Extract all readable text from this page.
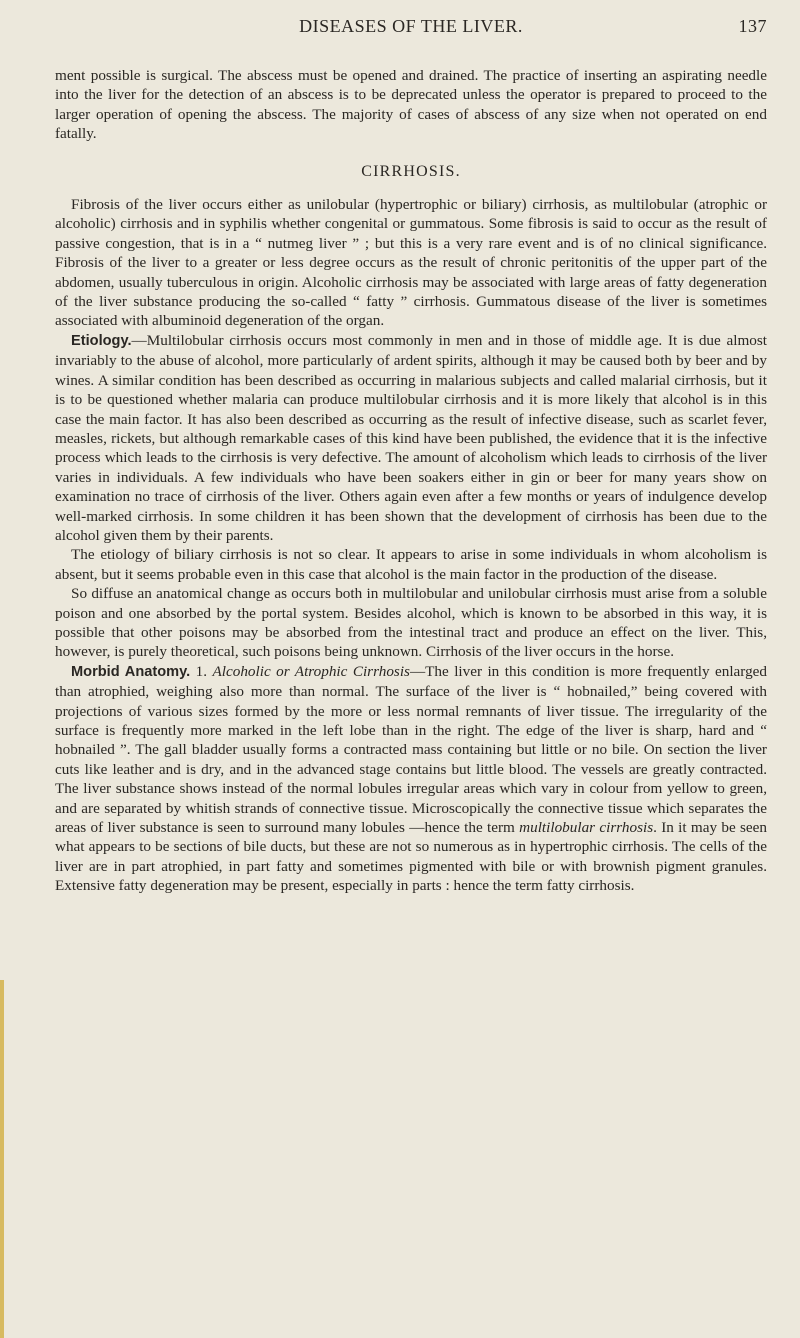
DISEASES OF THE LIVER.	137

ment possible is surgical. The abscess must be opened and drained. The practice of inserting an aspirating needle into the liver for the detection of an abscess is to be deprecated unless the operator is prepared to proceed to the larger operation of opening the abscess. The majority of cases of abscess of any size when not operated on end fatally.

CIRRHOSIS.

Fibrosis of the liver occurs either as unilobular (hypertrophic or biliary) cirrhosis, as multilobular (atrophic or alcoholic) cirrhosis and in syphilis whether congenital or gummatous. Some fibrosis is said to occur as the result of passive congestion, that is in a “ nutmeg liver ” ; but this is a very rare event and is of no clinical significance. Fibrosis of the liver to a greater or less degree occurs as the result of chronic peritonitis of the upper part of the abdomen, usually tuberculous in origin. Alcoholic cirrhosis may be associated with large areas of fatty degeneration of the liver substance producing the so-called “ fatty ” cirrhosis. Gummatous disease of the liver is sometimes associated with albuminoid degeneration of the organ.

Etiology.—Multilobular cirrhosis occurs most commonly in men and in those of middle age. It is due almost invariably to the abuse of alcohol, more particularly of ardent spirits, although it may be caused both by beer and by wines. A similar condition has been described as occurring in malarious subjects and called malarial cirrhosis, but it is to be questioned whether malaria can produce multilobular cirrhosis and it is more likely that alcohol is in this case the main factor. It has also been described as occurring as the result of infective disease, such as scarlet fever, measles, rickets, but although remarkable cases of this kind have been published, the evidence that it is the infective process which leads to the cirrhosis is very defective. The amount of alcoholism which leads to cirrhosis of the liver varies in individuals. A few individuals who have been soakers either in gin or beer for many years show on examination no trace of cirrhosis of the liver. Others again even after a few months or years of indulgence develop well-marked cirrhosis. In some children it has been shown that the development of cirrhosis has been due to the alcohol given them by their parents.

The etiology of biliary cirrhosis is not so clear. It appears to arise in some individuals in whom alcoholism is absent, but it seems probable even in this case that alcohol is the main factor in the production of the disease.

So diffuse an anatomical change as occurs both in multilobular and unilobular cirrhosis must arise from a soluble poison and one absorbed by the portal system. Besides alcohol, which is known to be absorbed in this way, it is possible that other poisons may be absorbed from the intestinal tract and produce an effect on the liver. This, however, is purely theoretical, such poisons being unknown. Cirrhosis of the liver occurs in the horse.

Morbid Anatomy. 1. Alcoholic or Atrophic Cirrhosis—The liver in this condition is more frequently enlarged than atrophied, weighing also more than normal. The surface of the liver is “ hobnailed,” being covered with projections of various sizes formed by the more or less normal remnants of liver tissue. The irregularity of the surface is frequently more marked in the left lobe than in the right. The edge of the liver is sharp, hard and “ hobnailed ”. The gall bladder usually forms a contracted mass containing but little or no bile. On section the liver cuts like leather and is dry, and in the advanced stage contains but little blood. The vessels are greatly contracted. The liver substance shows instead of the normal lobules irregular areas which vary in colour from yellow to green, and are separated by whitish strands of connective tissue. Microscopically the connective tissue which separates the areas of liver substance is seen to surround many lobules —hence the term multilobular cirrhosis. In it may be seen what appears to be sections of bile ducts, but these are not so numerous as in hypertrophic cirrhosis. The cells of the liver are in part atrophied, in part fatty and sometimes pigmented with bile or with brownish pigment granules. Extensive fatty degeneration may be present, especially in parts : hence the term fatty cirrhosis.
